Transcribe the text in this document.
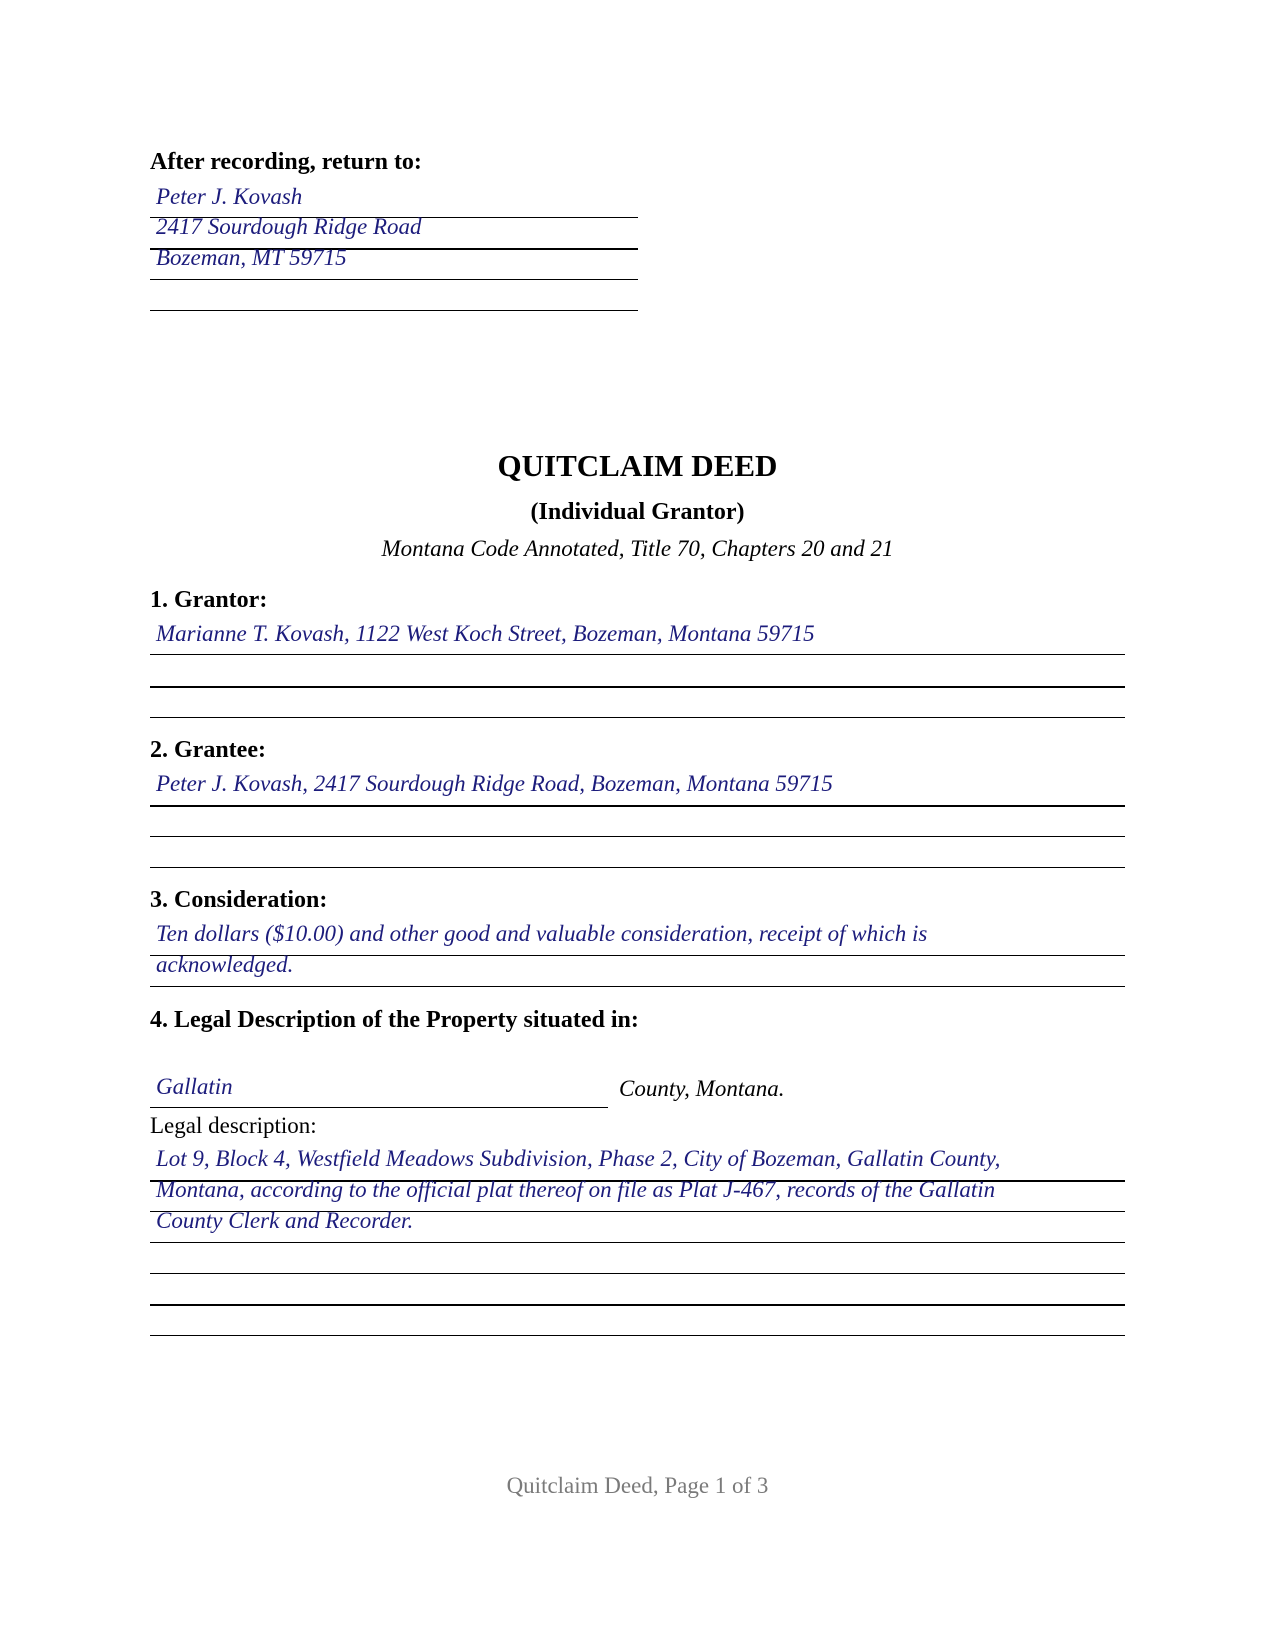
After recording, return to:
Peter J. Kovash
2417 Sourdough Ridge Road
Bozeman, MT 59715
QUITCLAIM DEED
(Individual Grantor)
Montana Code Annotated, Title 70, Chapters 20 and 21
1. Grantor:
Marianne T. Kovash, 1122 West Koch Street, Bozeman, Montana 59715
2. Grantee:
Peter J. Kovash, 2417 Sourdough Ridge Road, Bozeman, Montana 59715
3. Consideration:
Ten dollars ($10.00) and other good and valuable consideration, receipt of which is
acknowledged.
4. Legal Description of the Property situated in:
Gallatin	County, Montana.
Legal description:
Lot 9, Block 4, Westfield Meadows Subdivision, Phase 2, City of Bozeman, Gallatin County,
Montana, according to the official plat thereof on file as Plat J-467, records of the Gallatin
County Clerk and Recorder.
Quitclaim Deed, Page 1 of 3
